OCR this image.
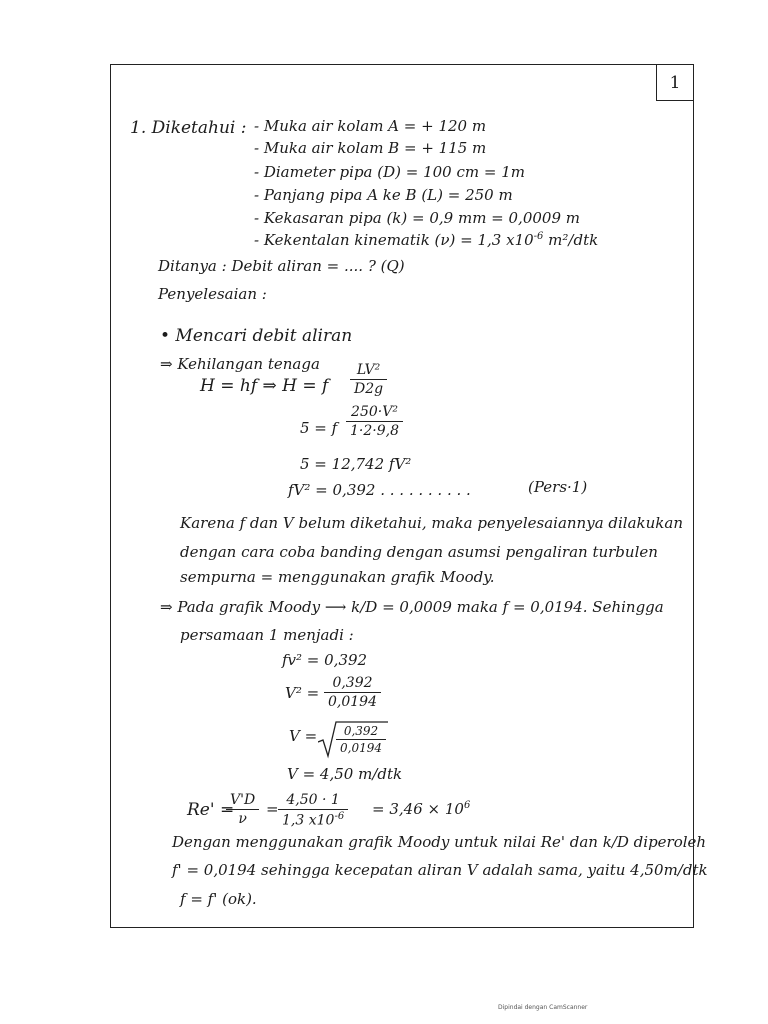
1
1. Diketahui : - Muka air kolam A = + 120 m
- Muka air kolam B = + 115 m
- Diameter pipa (D) = 100 cm = 1m
- Panjang pipa A ke B (L) = 250 m
- Kekasaran pipa (k) = 0,9 mm = 0,0009 m
- Kekentalan kinematik (ν) = 1,3 $x10^{-6}$ m²/dtk
Ditanya : Debit aliran = .... ? (Q)
Penyelesaian :
• Mencari debit aliran
⇒ Kehilangan tenaga
H = hf ⇒ H = f $\frac{\text{LV²}}{D2g}$
5 = f $\frac{\text{250·V²}}{1\cdot 2\cdot 9,8}$
5 = 12,742 fV²
fV² = 0,392 . . . . . . . . . .	(Pers·1)
Karena f dan V belum diketahui, maka penyelesaiannya dilakukan
dengan cara coba banding dengan asumsi pengaliran turbulen
sempurna = menggunakan grafik Moody.
⇒ Pada grafik Moody ⟶ k/D = 0,0009 maka f = 0,0194. Sehingga
persamaan 1 menjadi :
fv² = 0,392
$V^2 = \frac{0,392}{0,0194}$
$V = \frac{0,392}{0,0194}$
V = 4,50 m/dtk
Re' =
$\frac{V'D}{\nu} = \frac{4,50 \cdot 1}{1,3 x10^{-6}} = 3,46 \times 10^6$
Dengan menggunakan grafik Moody untuk nilai Re' dan k/D diperoleh
f' = 0,0194 sehingga kecepatan aliran V adalah sama, yaitu 4,50m/dtk
f = f' (ok).
Dipindai dengan CamScanner
